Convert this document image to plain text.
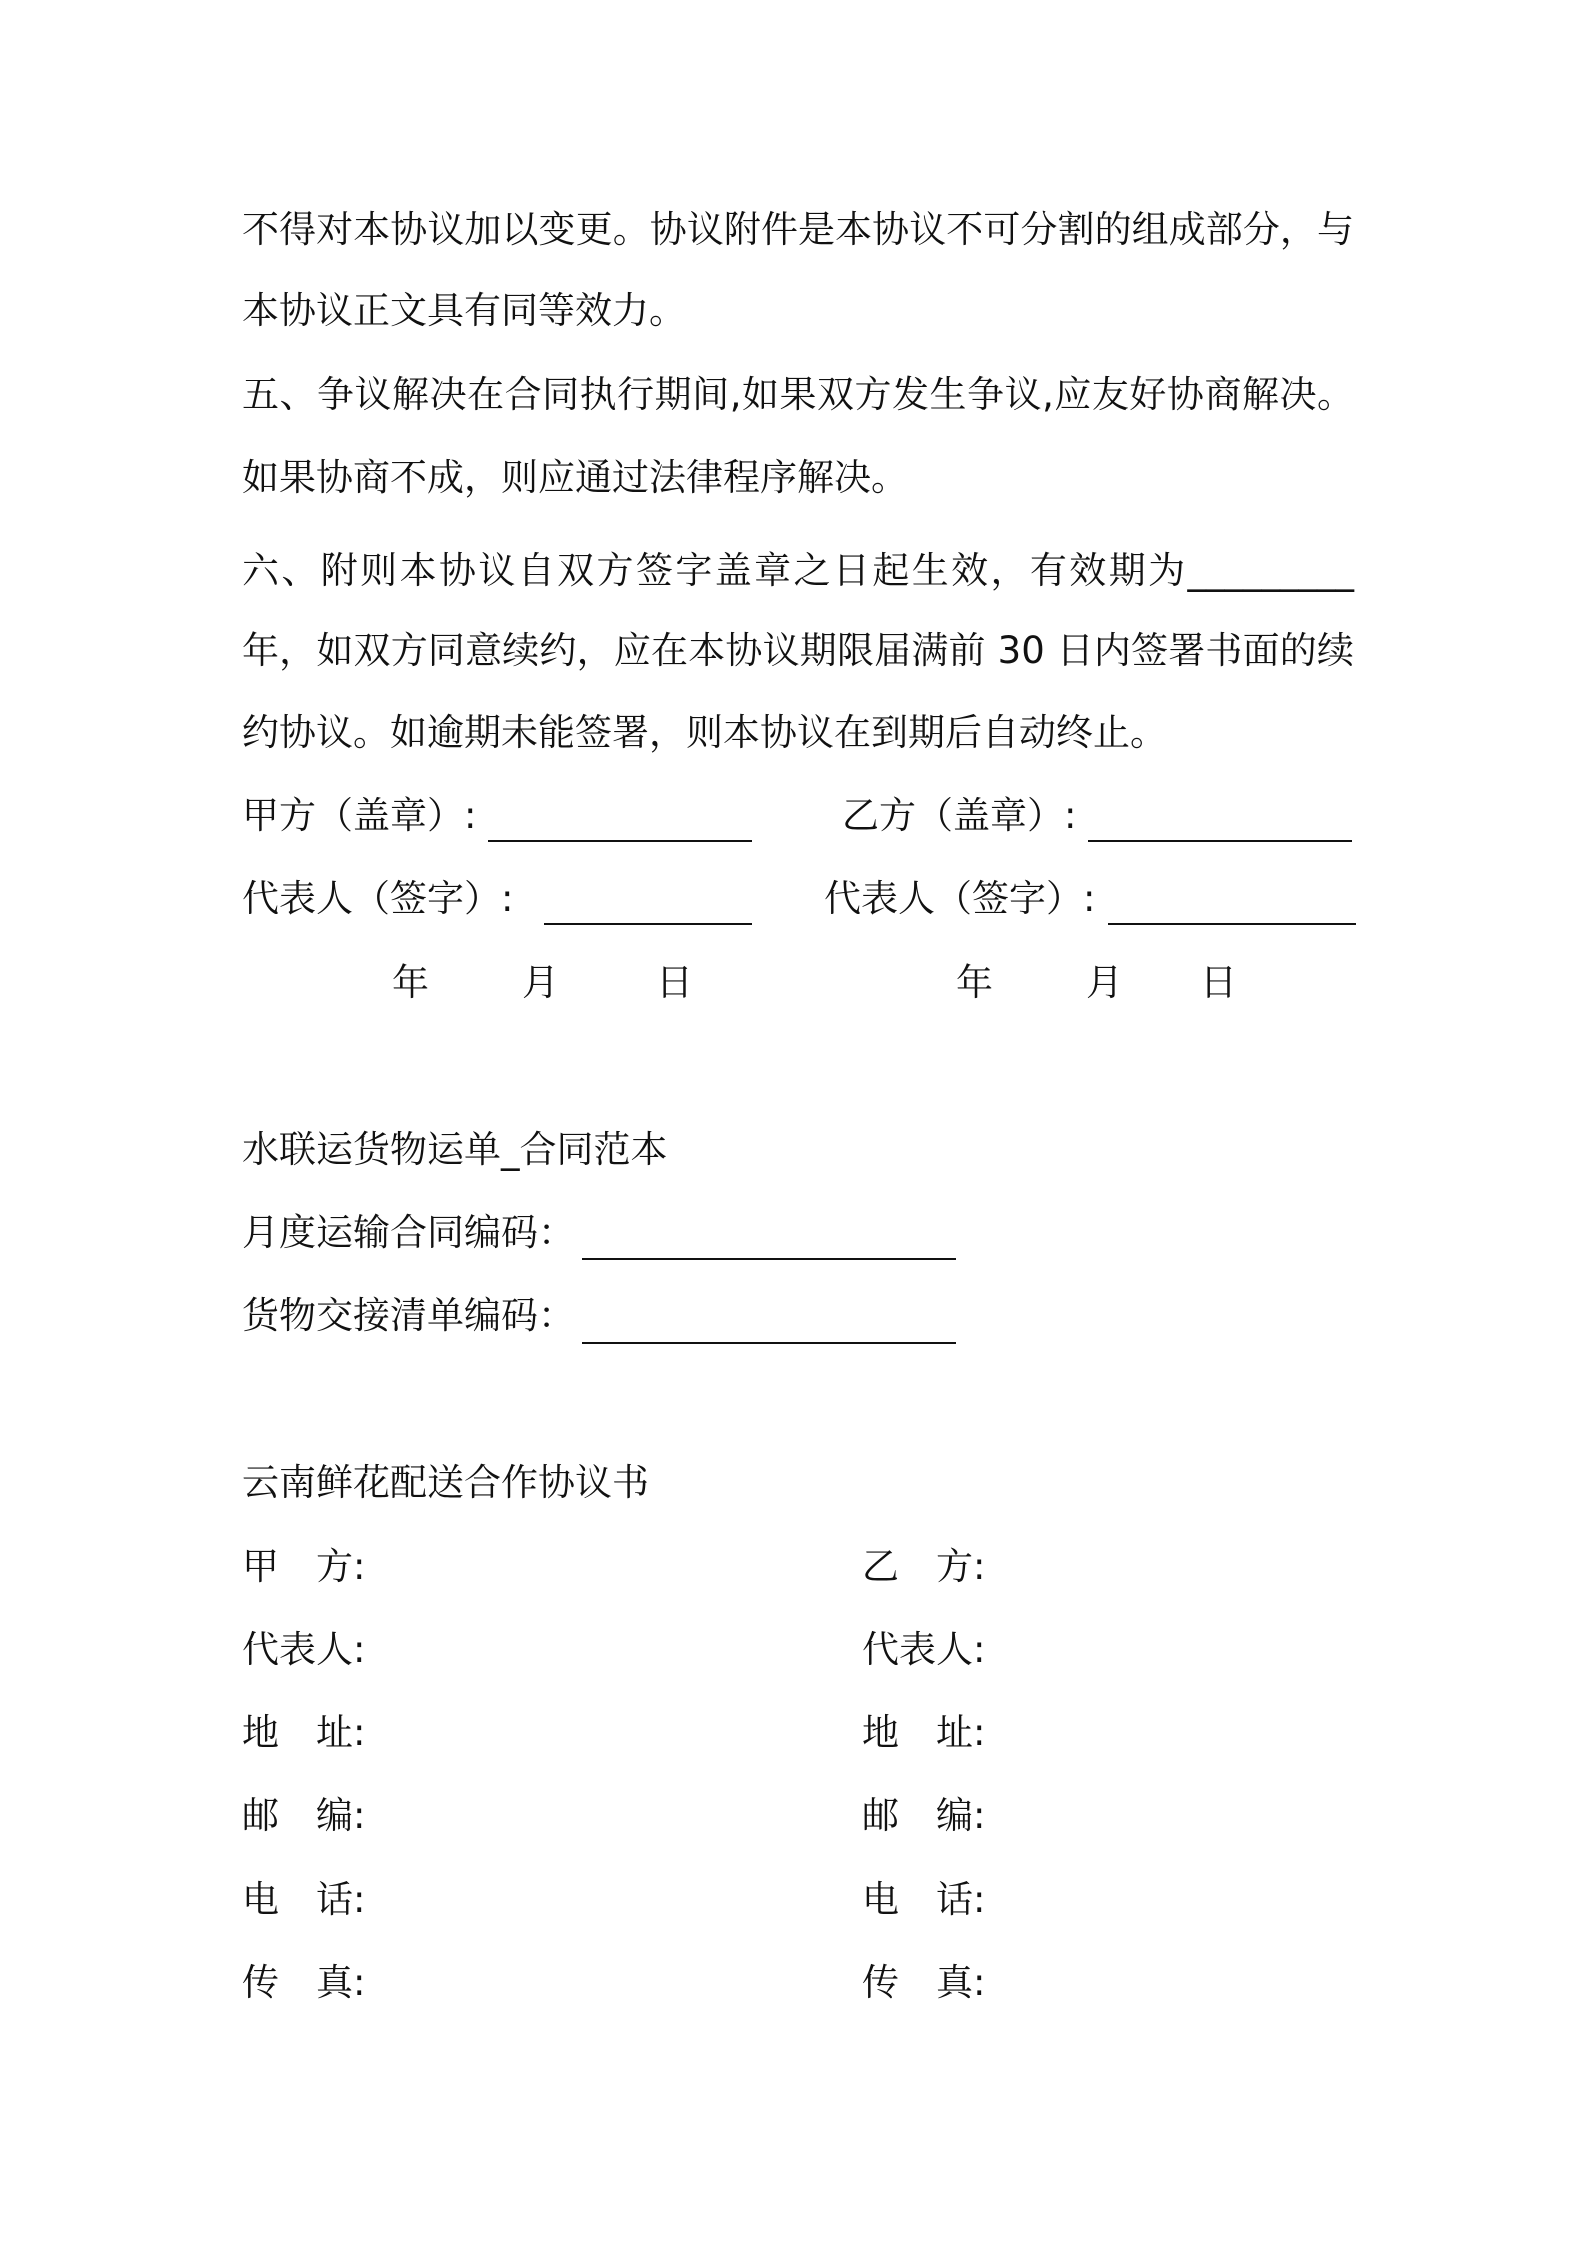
不得对本协议加以变更。协议附件是本协议不可分割的组成部分，与
本协议正文具有同等效力。
五、争议解决在合同执行期间,如果双方发生争议,应友好协商解决。
如果协商不成，则应通过法律程序解决。
六、附则本协议自双方签字盖章之日起生效，有效期为_________
年，如双方同意续约，应在本协议期限届满前 30 日内签署书面的续
约协议。如逾期未能签署，则本协议在到期后自动终止。
甲方（盖章）:	乙方（盖章）:
代表人（签字）:	代表人（签字）:
年	月	日	年	月 日
水联运货物运单_合同范本
月度运输合同编码：
货物交接清单编码：
云南鲜花配送合作协议书
甲　方:	乙　方:
代表人:	代表人:
地　址:	地　址:
邮　编:	邮　编:
电　话:	电　话:
传　真:	传　真:
